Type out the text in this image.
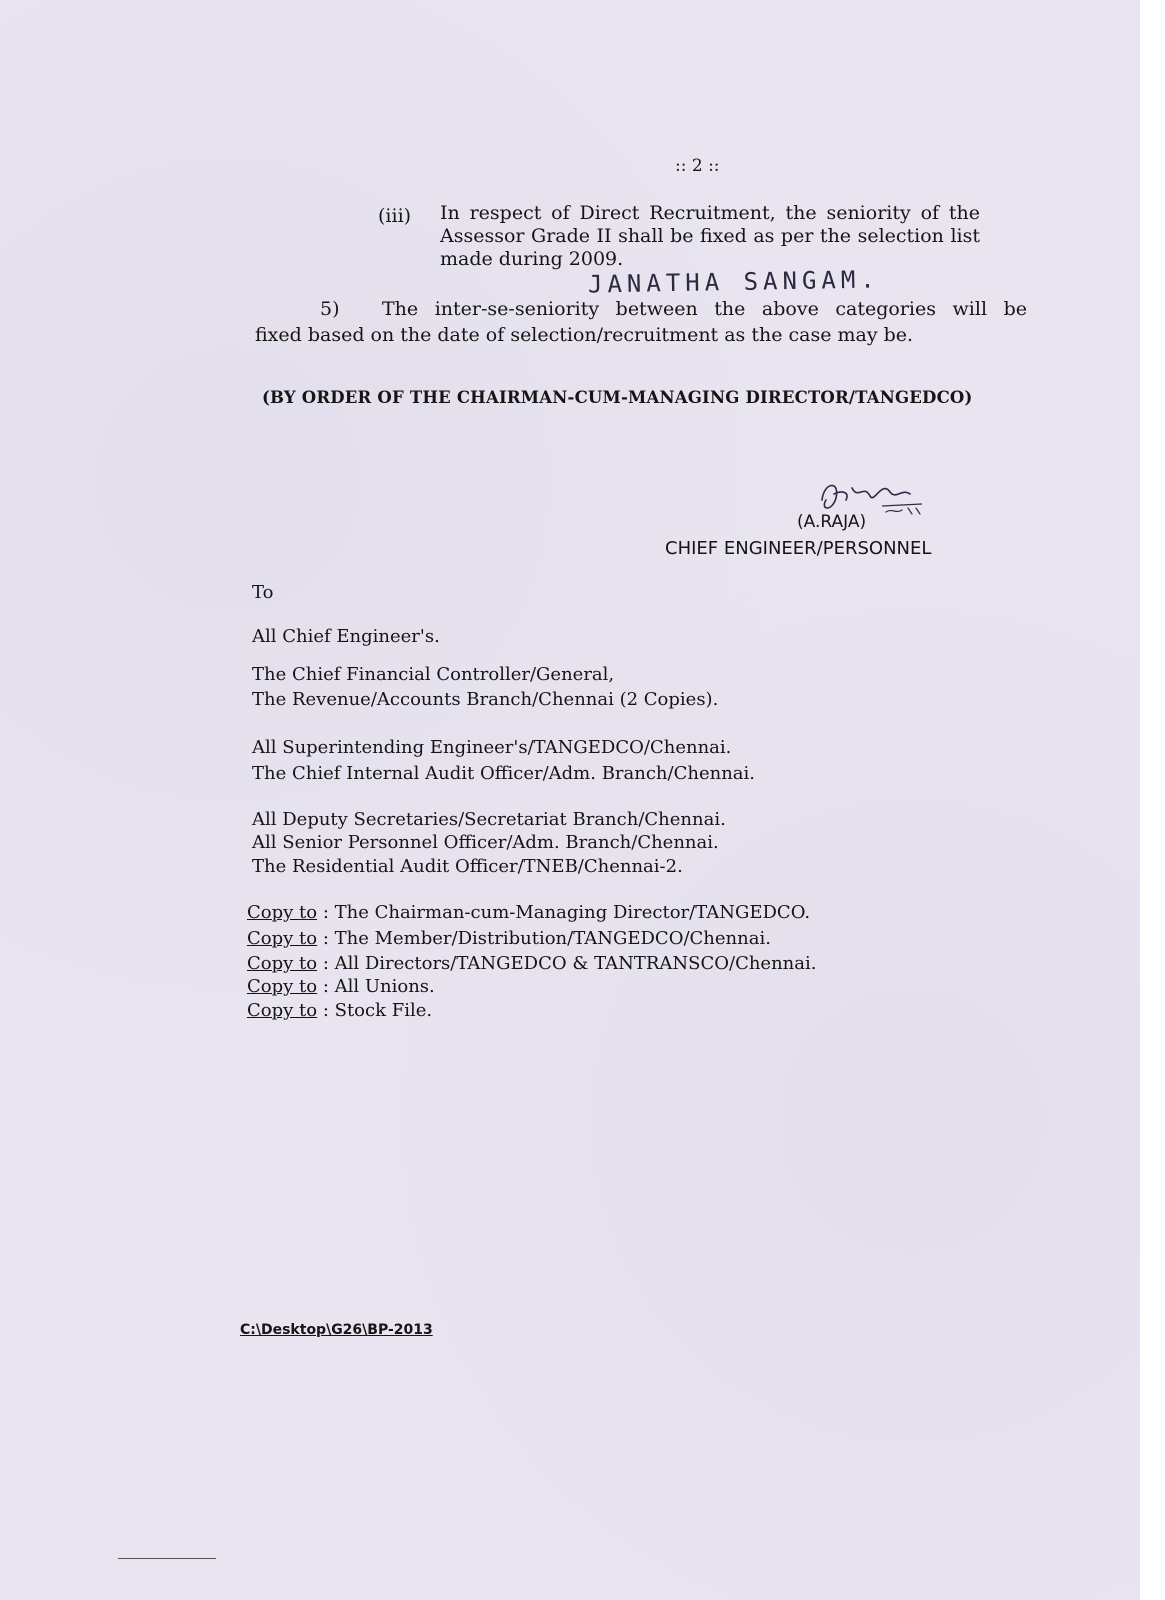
:: 2 ::
(iii) In respect of Direct Recruitment, the seniority of the Assessor Grade II shall be fixed as per the selection list made during 2009.
JANATHA SANGAM.
5) The inter-se-seniority between the above categories will be
fixed based on the date of selection/recruitment as the case may be.
(BY ORDER OF THE CHAIRMAN-CUM-MANAGING DIRECTOR/TANGEDCO)
(A.RAJA)
CHIEF ENGINEER/PERSONNEL
To
All Chief Engineer's.
The Chief Financial Controller/General,
The Revenue/Accounts Branch/Chennai (2 Copies).
All Superintending Engineer's/TANGEDCO/Chennai.
The Chief Internal Audit Officer/Adm. Branch/Chennai.
All Deputy Secretaries/Secretariat Branch/Chennai.
All Senior Personnel Officer/Adm. Branch/Chennai.
The Residential Audit Officer/TNEB/Chennai-2.
Copy to : The Chairman-cum-Managing Director/TANGEDCO.
Copy to : The Member/Distribution/TANGEDCO/Chennai.
Copy to : All Directors/TANGEDCO & TANTRANSCO/Chennai.
Copy to : All Unions.
Copy to : Stock File.
C:\Desktop\G26\BP-2013
